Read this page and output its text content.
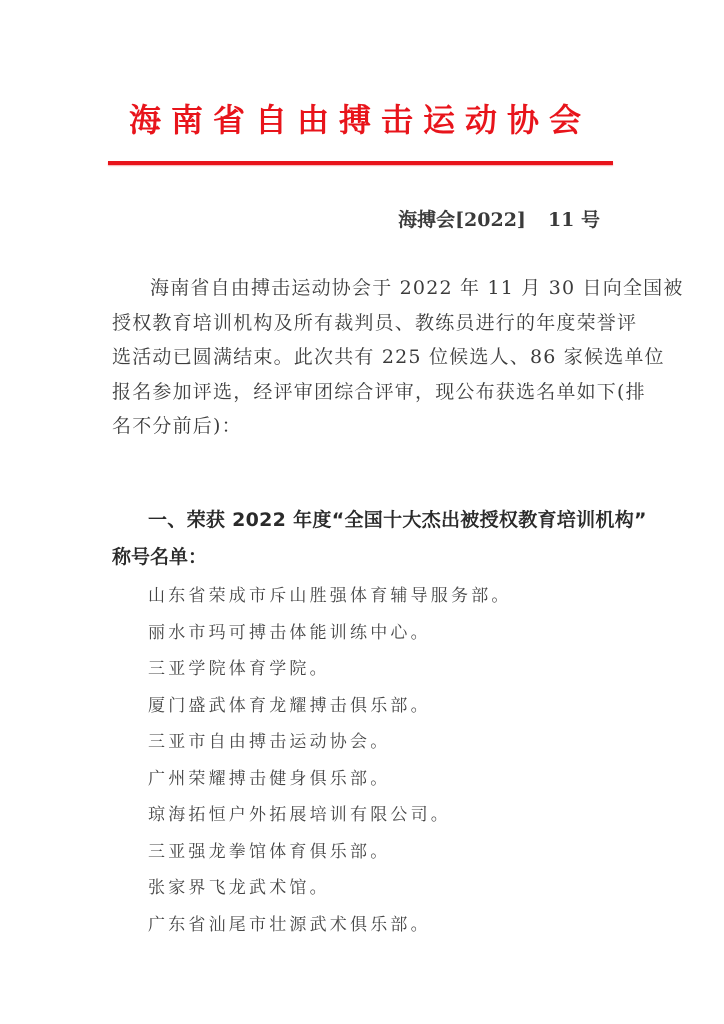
海南省自由搏击运动协会
海搏会[2022] 11 号
海南省自由搏击运动协会于 2022 年 11 月 30 日向全国被
授权教育培训机构及所有裁判员、教练员进行的年度荣誉评
选活动已圆满结束。此次共有 225 位候选人、86 家候选单位
报名参加评选，经评审团综合评审，现公布获选名单如下(排
名不分前后)：
一、荣获 2022 年度“全国十大杰出被授权教育培训机构”
称号名单：
山东省荣成市斥山胜强体育辅导服务部。
丽水市玛可搏击体能训练中心。
三亚学院体育学院。
厦门盛武体育龙耀搏击俱乐部。
三亚市自由搏击运动协会。
广州荣耀搏击健身俱乐部。
琼海拓恒户外拓展培训有限公司。
三亚强龙拳馆体育俱乐部。
张家界飞龙武术馆。
广东省汕尾市壮源武术俱乐部。
